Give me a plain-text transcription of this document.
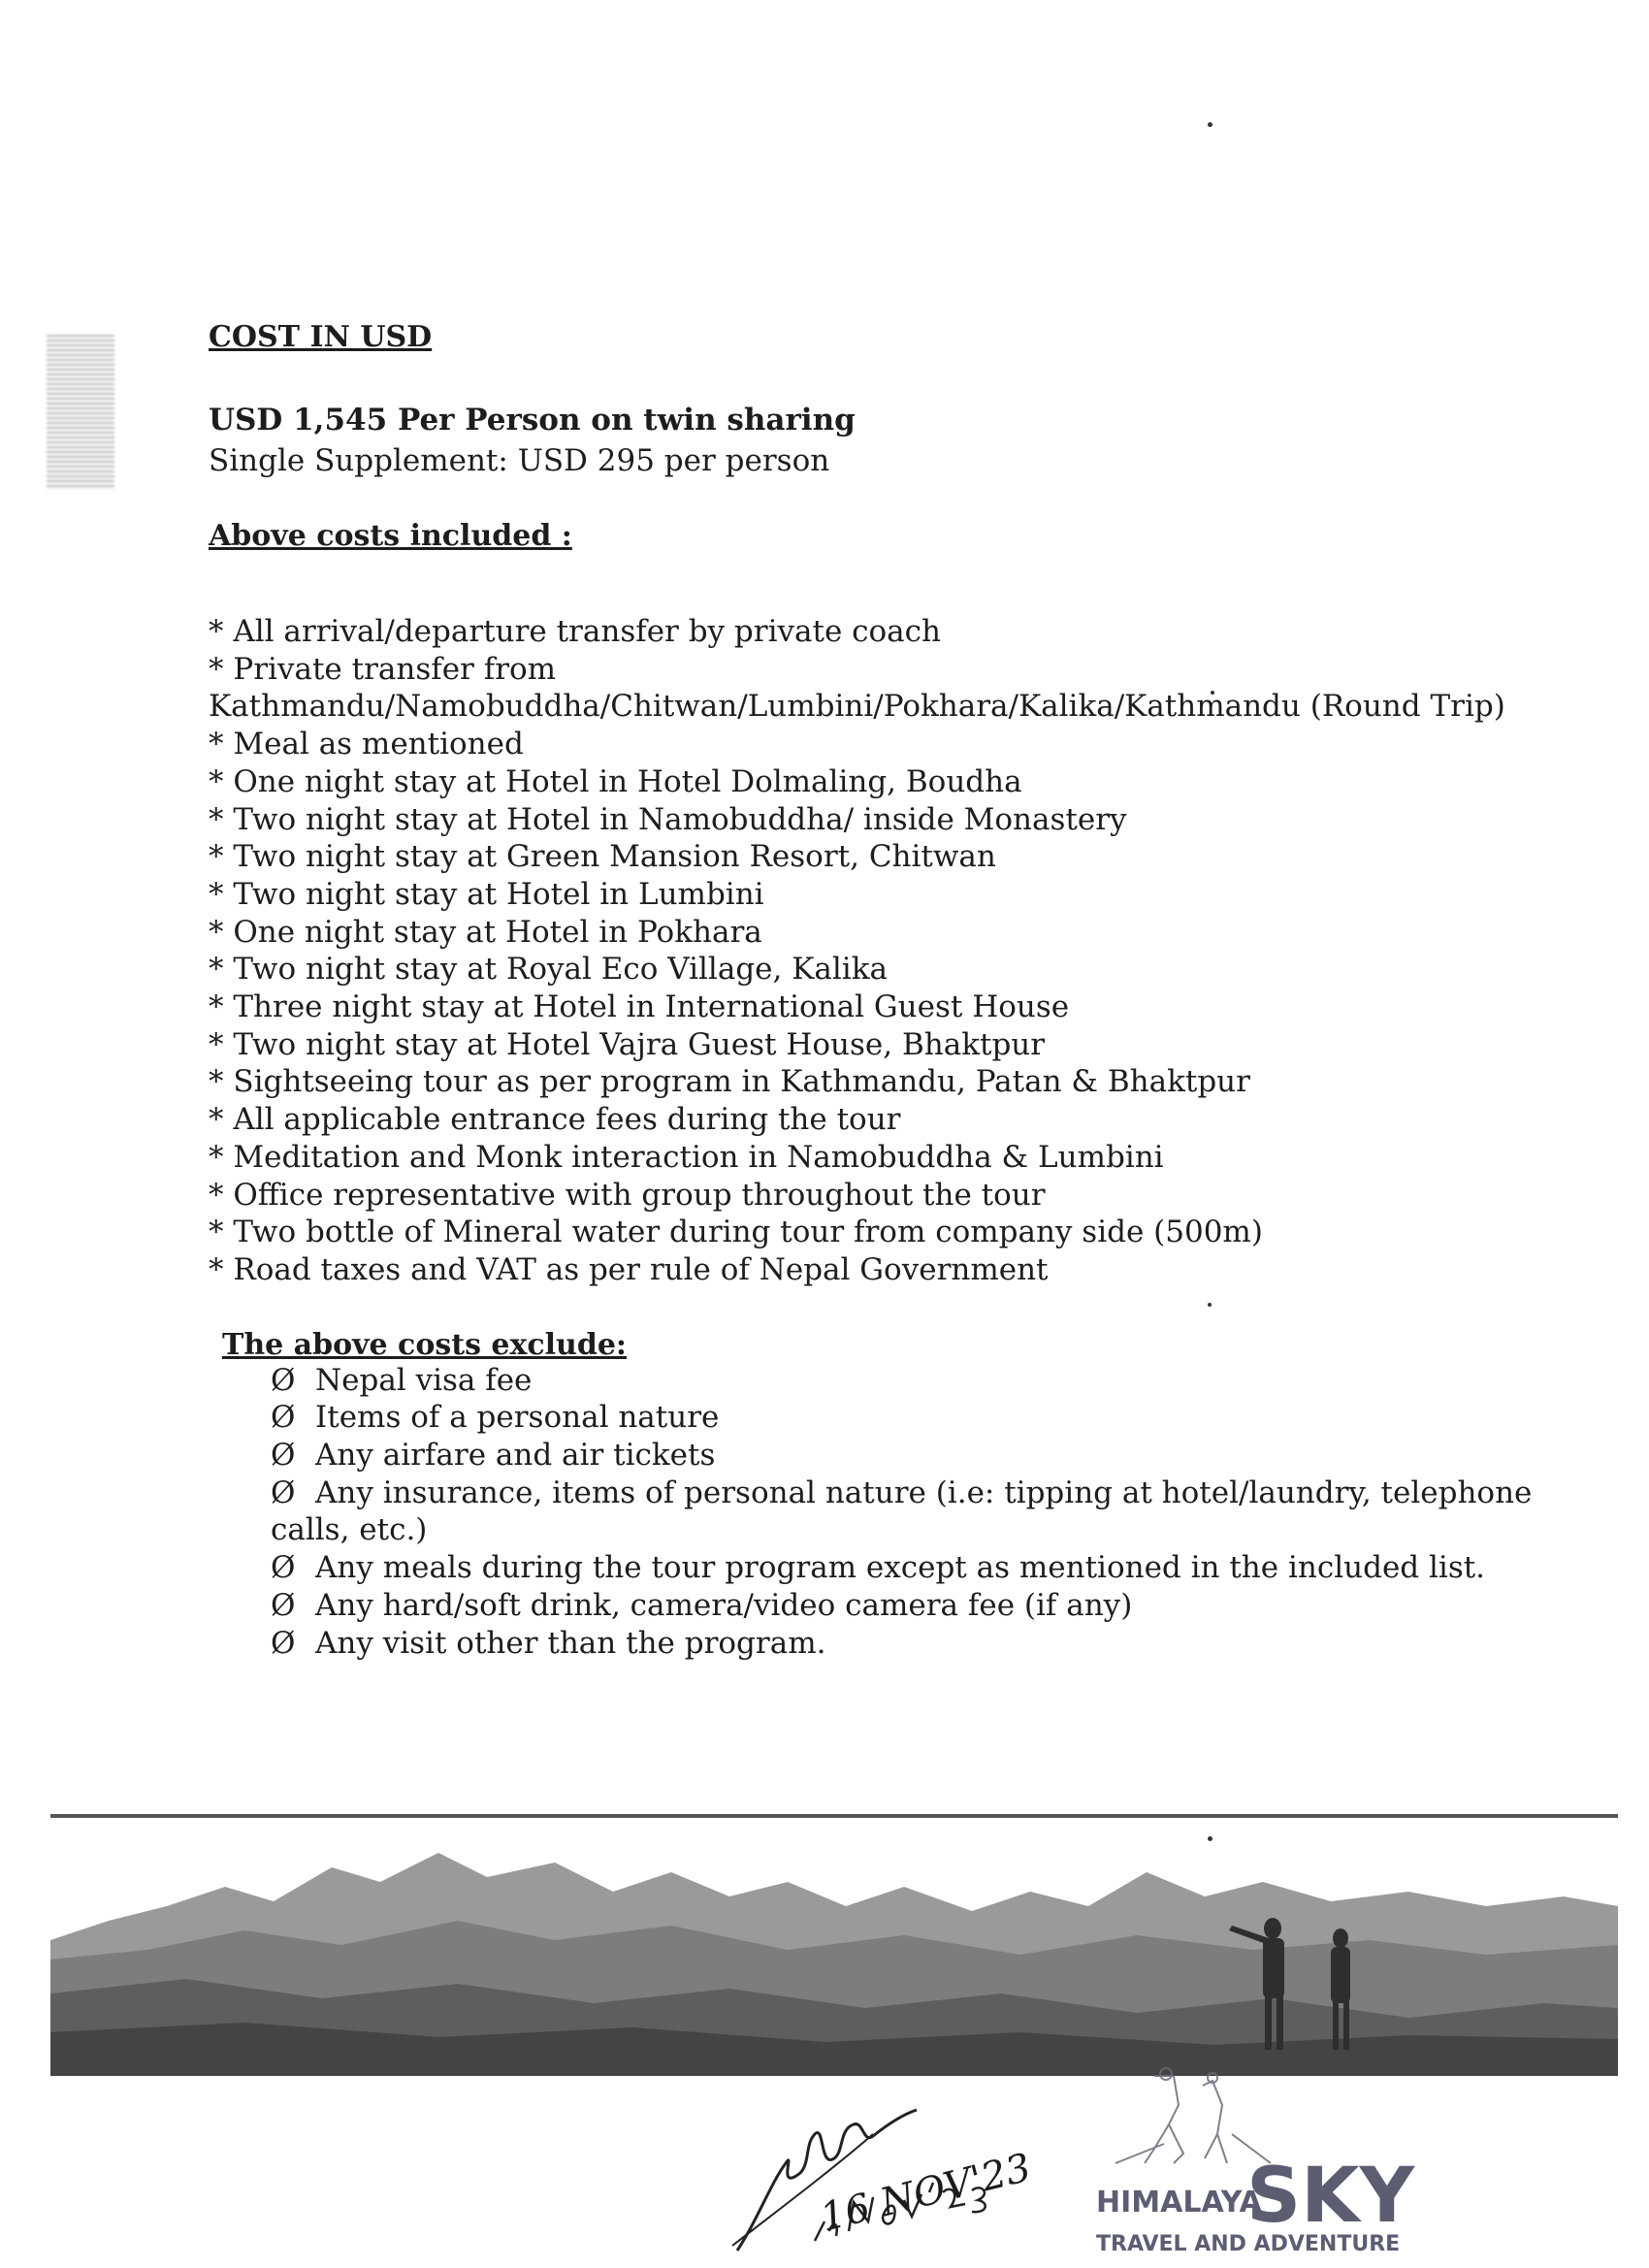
COST IN USD

USD 1,545 Per Person on twin sharing

Single Supplement: USD 295 per person

Above costs included :
* All arrival/departure transfer by private coach
* Private transfer from Kathmandu/Namobuddha/Chitwan/Lumbini/Pokhara/Kalika/Kathmandu (Round Trip)
* Meal as mentioned
* One night stay at Hotel in Hotel Dolmaling, Boudha
* Two night stay at Hotel in Namobuddha/ inside Monastery
* Two night stay at Green Mansion Resort, Chitwan
* Two night stay at Hotel in Lumbini
* One night stay at Hotel in Pokhara
* Two night stay at Royal Eco Village, Kalika
* Three night stay at Hotel in International Guest House
* Two night stay at Hotel Vajra Guest House, Bhaktpur
* Sightseeing tour as per program in Kathmandu, Patan & Bhaktpur
* All applicable entrance fees during the tour
* Meditation and Monk interaction in Namobuddha & Lumbini
* Office representative with group throughout the tour
* Two bottle of Mineral water during tour from company side (500m)
* Road taxes and VAT as per rule of Nepal Government
The above costs exclude:
Ø Nepal visa fee
Ø Items of a personal nature
Ø Any airfare and air tickets
Ø Any insurance, items of personal nature (i.e: tipping at hotel/laundry, telephone calls, etc.)
Ø Any meals during the tour program except as mentioned in the included list.
Ø Any hard/soft drink, camera/video camera fee (if any)
Ø Any visit other than the program.
16 NOV'23 HIMALAYA
SKY
TRAVEL AND ADVENTURE
